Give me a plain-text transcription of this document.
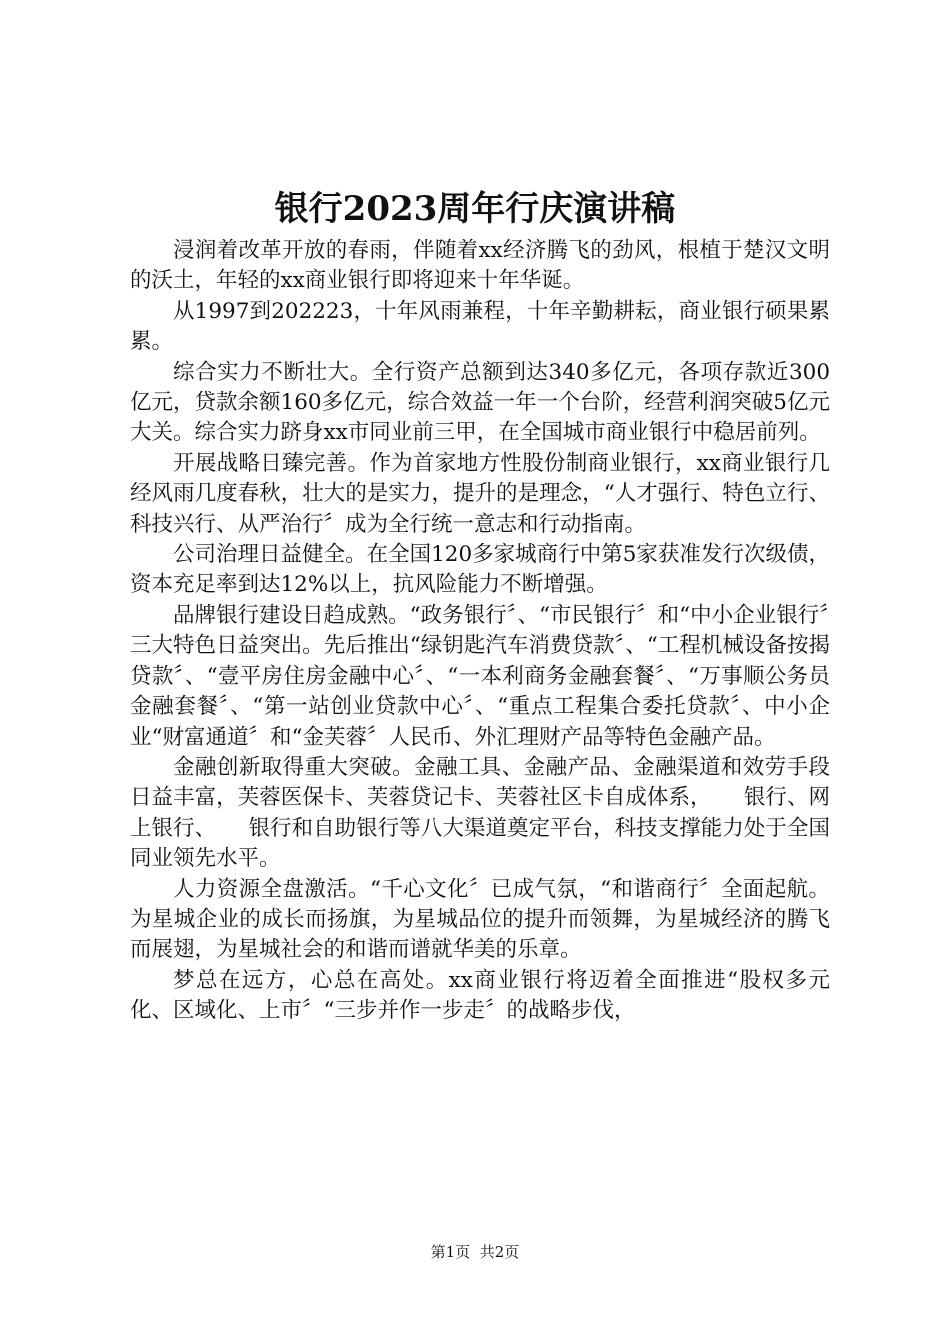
银行2023周年行庆演讲稿

浸润着改革开放的春雨，伴随着xx经济腾飞的劲风，根植于楚汉文明的沃土，年轻的xx商业银行即将迎来十年华诞。

从1997到202223，十年风雨兼程，十年辛勤耕耘，商业银行硕果累累。

综合实力不断壮大。全行资产总额到达340多亿元，各项存款近300亿元，贷款余额160多亿元，综合效益一年一个台阶，经营利润突破5亿元大关。综合实力跻身xx市同业前三甲，在全国城市商业银行中稳居前列。

开展战略日臻完善。作为首家地方性股份制商业银行，xx商业银行几经风雨几度春秋，壮大的是实力，提升的是理念，“人才强行、特色立行、科技兴行、从严治行〞成为全行统一意志和行动指南。

公司治理日益健全。在全国120多家城商行中第5家获准发行次级债，资本充足率到达12%以上，抗风险能力不断增强。

品牌银行建设日趋成熟。“政务银行〞、“市民银行〞和“中小企业银行〞三大特色日益突出。先后推出“绿钥匙汽车消费贷款〞、“工程机械设备按揭贷款〞、“壹平房住房金融中心〞、“一本利商务金融套餐〞、“万事顺公务员金融套餐〞、“第一站创业贷款中心〞、“重点工程集合委托贷款〞、中小企业“财富通道〞和“金芙蓉〞人民币、外汇理财产品等特色金融产品。

金融创新取得重大突破。金融工具、金融产品、金融渠道和效劳手段日益丰富，芙蓉医保卡、芙蓉贷记卡、芙蓉社区卡自成体系，　　银行、网上银行、　　银行和自助银行等八大渠道奠定平台，科技支撑能力处于全国同业领先水平。

人力资源全盘激活。“千心文化〞已成气氛，“和谐商行〞全面起航。为星城企业的成长而扬旗，为星城品位的提升而领舞，为星城经济的腾飞而展翅，为星城社会的和谐而谱就华美的乐章。

梦总在远方，心总在高处。xx商业银行将迈着全面推进“股权多元化、区域化、上市〞“三步并作一步走〞的战略步伐，

第1页 共2页
